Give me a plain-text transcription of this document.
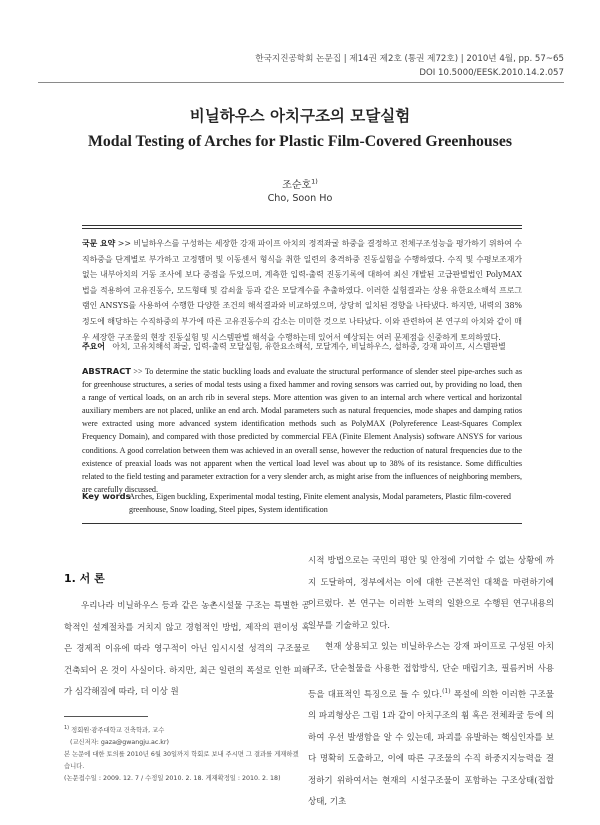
한국지진공학회 논문집 | 제14권 제2호 (통권 제72호) | 2010년 4월, pp. 57~65
DOI 10.5000/EESK.2010.14.2.057
비닐하우스 아치구조의 모달실험
Modal Testing of Arches for Plastic Film-Covered Greenhouses
조순호$^{1)}$
Cho, Soon Ho
국문 요약 >> 비닐하우스를 구성하는 세장한 강재 파이프 아치의 정적좌굴 하중을 결정하고 전체구조성능을 평가하기 위하여 수직하중을 단계별로 부가하고 고정햄머 및 이동센서 형식을 취한 일련의 충격하중 진동실험을 수행하였다. 수직 및 수평보조재가 없는 내부아치의 거동 조사에 보다 중점을 두었으며, 계측한 입력-출력 진동기록에 대하여 최신 개발된 고급판별법인 PolyMAX법을 적용하여 고유진동수, 모드형태 및 감쇠율 등과 같은 모달계수를 추출하였다. 이러한 실험결과는 상용 유한요소해석 프로그램인 ANSYS를 사용하여 수행한 다양한 조건의 해석결과와 비교하였으며, 상당히 일치된 경향을 나타냈다. 하지만, 내력의 38%정도에 해당하는 수직하중의 부가에 따른 고유진동수의 감소는 미미한 것으로 나타났다. 이와 관련하여 본 연구의 아치와 같이 매우 세장한 구조물의 현장 진동실험 및 시스템판별 해석을 수행하는데 있어서 예상되는 여러 문제점을 신중하게 토의하였다.
주요어 아치, 고유치해석 좌굴, 입력-출력 모달실험, 유한요소해석, 모달계수, 비닐하우스, 설하중, 강재 파이프, 시스템판별
ABSTRACT >> To determine the static buckling loads and evaluate the structural performance of slender steel pipe-arches such as for greenhouse structures, a series of modal tests using a fixed hammer and roving sensors was carried out, by providing no load, then a range of vertical loads, on an arch rib in several steps. More attention was given to an internal arch where vertical and horizontal auxiliary members are not placed, unlike an end arch. Modal parameters such as natural frequencies, mode shapes and damping ratios were extracted using more advanced system identification methods such as PolyMAX (Polyreference Least-Squares Complex Frequency Domain), and compared with those predicted by commercial FEA (Finite Element Analysis) software ANSYS for various conditions. A good correlation between them was achieved in an overall sense, however the reduction of natural frequencies due to the existence of preaxial loads was not apparent when the vertical load level was about up to 38% of its resistance. Some difficulties related to the field testing and parameter extraction for a very slender arch, as might arise from the influences of neighboring members, are carefully discussed.
Key words
Arches, Eigen buckling, Experimental modal testing, Finite element analysis, Modal parameters, Plastic film-covered greenhouse, Snow loading, Steel pipes, System identification
1. 서 론

우리나라 비닐하우스 등과 같은 농촌시설물 구조는 특별한 공학적인 설계절차를 거치지 않고 경험적인 방법, 제작의 편이성 혹은 경제적 이유에 따라 영구적이 아닌 임시시설 성격의 구조물로 건축되어 온 것이 사실이다. 하지만, 최근 일련의 폭설로 인한 피해가 심각해짐에 따라, 더 이상 원

시적 방법으로는 국민의 평안 및 안정에 기여할 수 없는 상황에 까지 도달하여, 정부에서는 이에 대한 근본적인 대책을 마련하기에 이르렀다. 본 연구는 이러한 노력의 일환으로 수행된 연구내용의 일부를 기술하고 있다.

현재 상용되고 있는 비닐하우스는 강재 파이프로 구성된 아치구조, 단순철물을 사용한 접합방식, 단순 매립기초, 필름커버 사용 등을 대표적인 특징으로 들 수 있다.$^{(1)}$ 폭설에 의한 이러한 구조물의 파괴형상은 그림 1과 같이 아치구조의 휨 혹은 전체좌굴 등에 의하여 우선 발생함을 알 수 있는데, 파괴를 유발하는 핵심인자를 보다 명확히 도출하고, 이에 따른 구조물의 수직 하중지지능력을 결정하기 위하여서는 현재의 시설구조물이 포함하는 구조상태(접합상태, 기초

$^{1)}$ 정회원·광주대학교 건축학과, 교수

(교신저자: gaza@gwangju.ac.kr)

본 논문에 대한 토의를 2010년 6월 30일까지 학회로 보내 주시면 그 결과를 게재하겠습니다.

(논문접수일 : 2009. 12. 7 / 수정일 2010. 2. 18. 게재확정일 : 2010. 2. 18)
